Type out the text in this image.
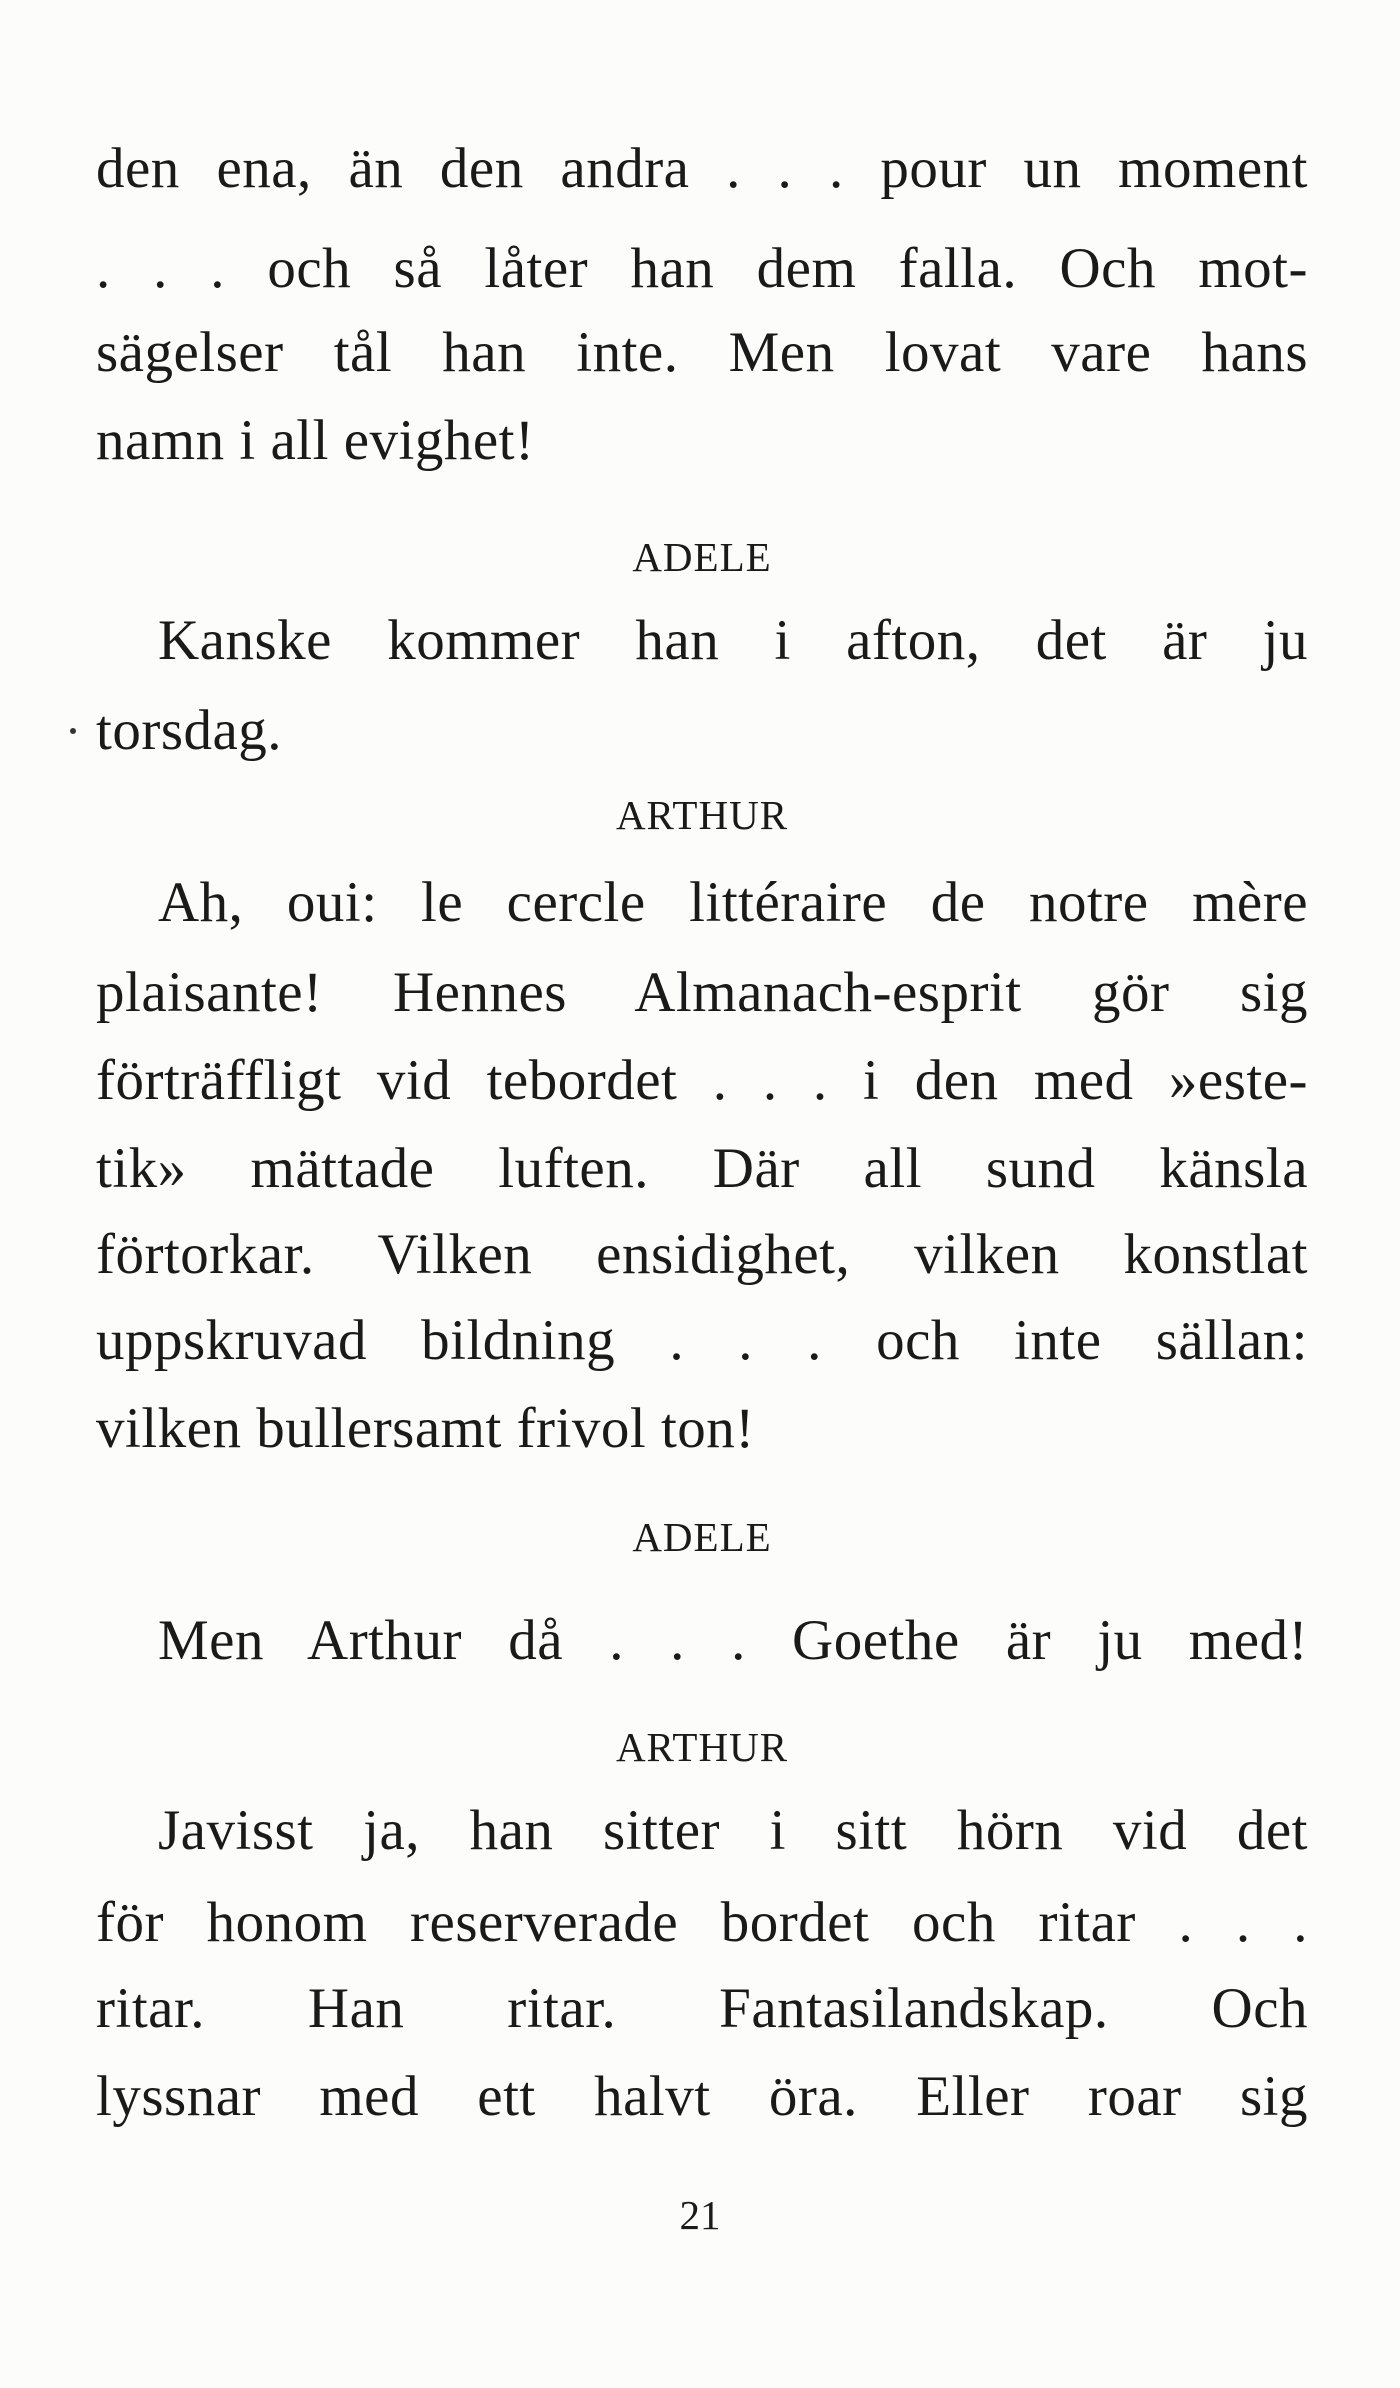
den ena, än den andra . . . pour un moment
. . . och så låter han dem falla. Och mot-
sägelser tål han inte. Men lovat vare hans
namn i all evighet!
ADELE
Kanske kommer han i afton, det är ju
torsdag.
ARTHUR
Ah, oui: le cercle littéraire de notre mère
plaisante! Hennes Almanach-esprit gör sig
förträffligt vid tebordet . . . i den med »este-
tik» mättade luften. Där all sund känsla
förtorkar. Vilken ensidighet, vilken konstlat
uppskruvad bildning . . . och inte sällan:
vilken bullersamt frivol ton!
ADELE
Men Arthur då . . . Goethe är ju med!
ARTHUR
Javisst ja, han sitter i sitt hörn vid det
för honom reserverade bordet och ritar . . .
ritar. Han ritar. Fantasilandskap. Och
lyssnar med ett halvt öra. Eller roar sig
21
